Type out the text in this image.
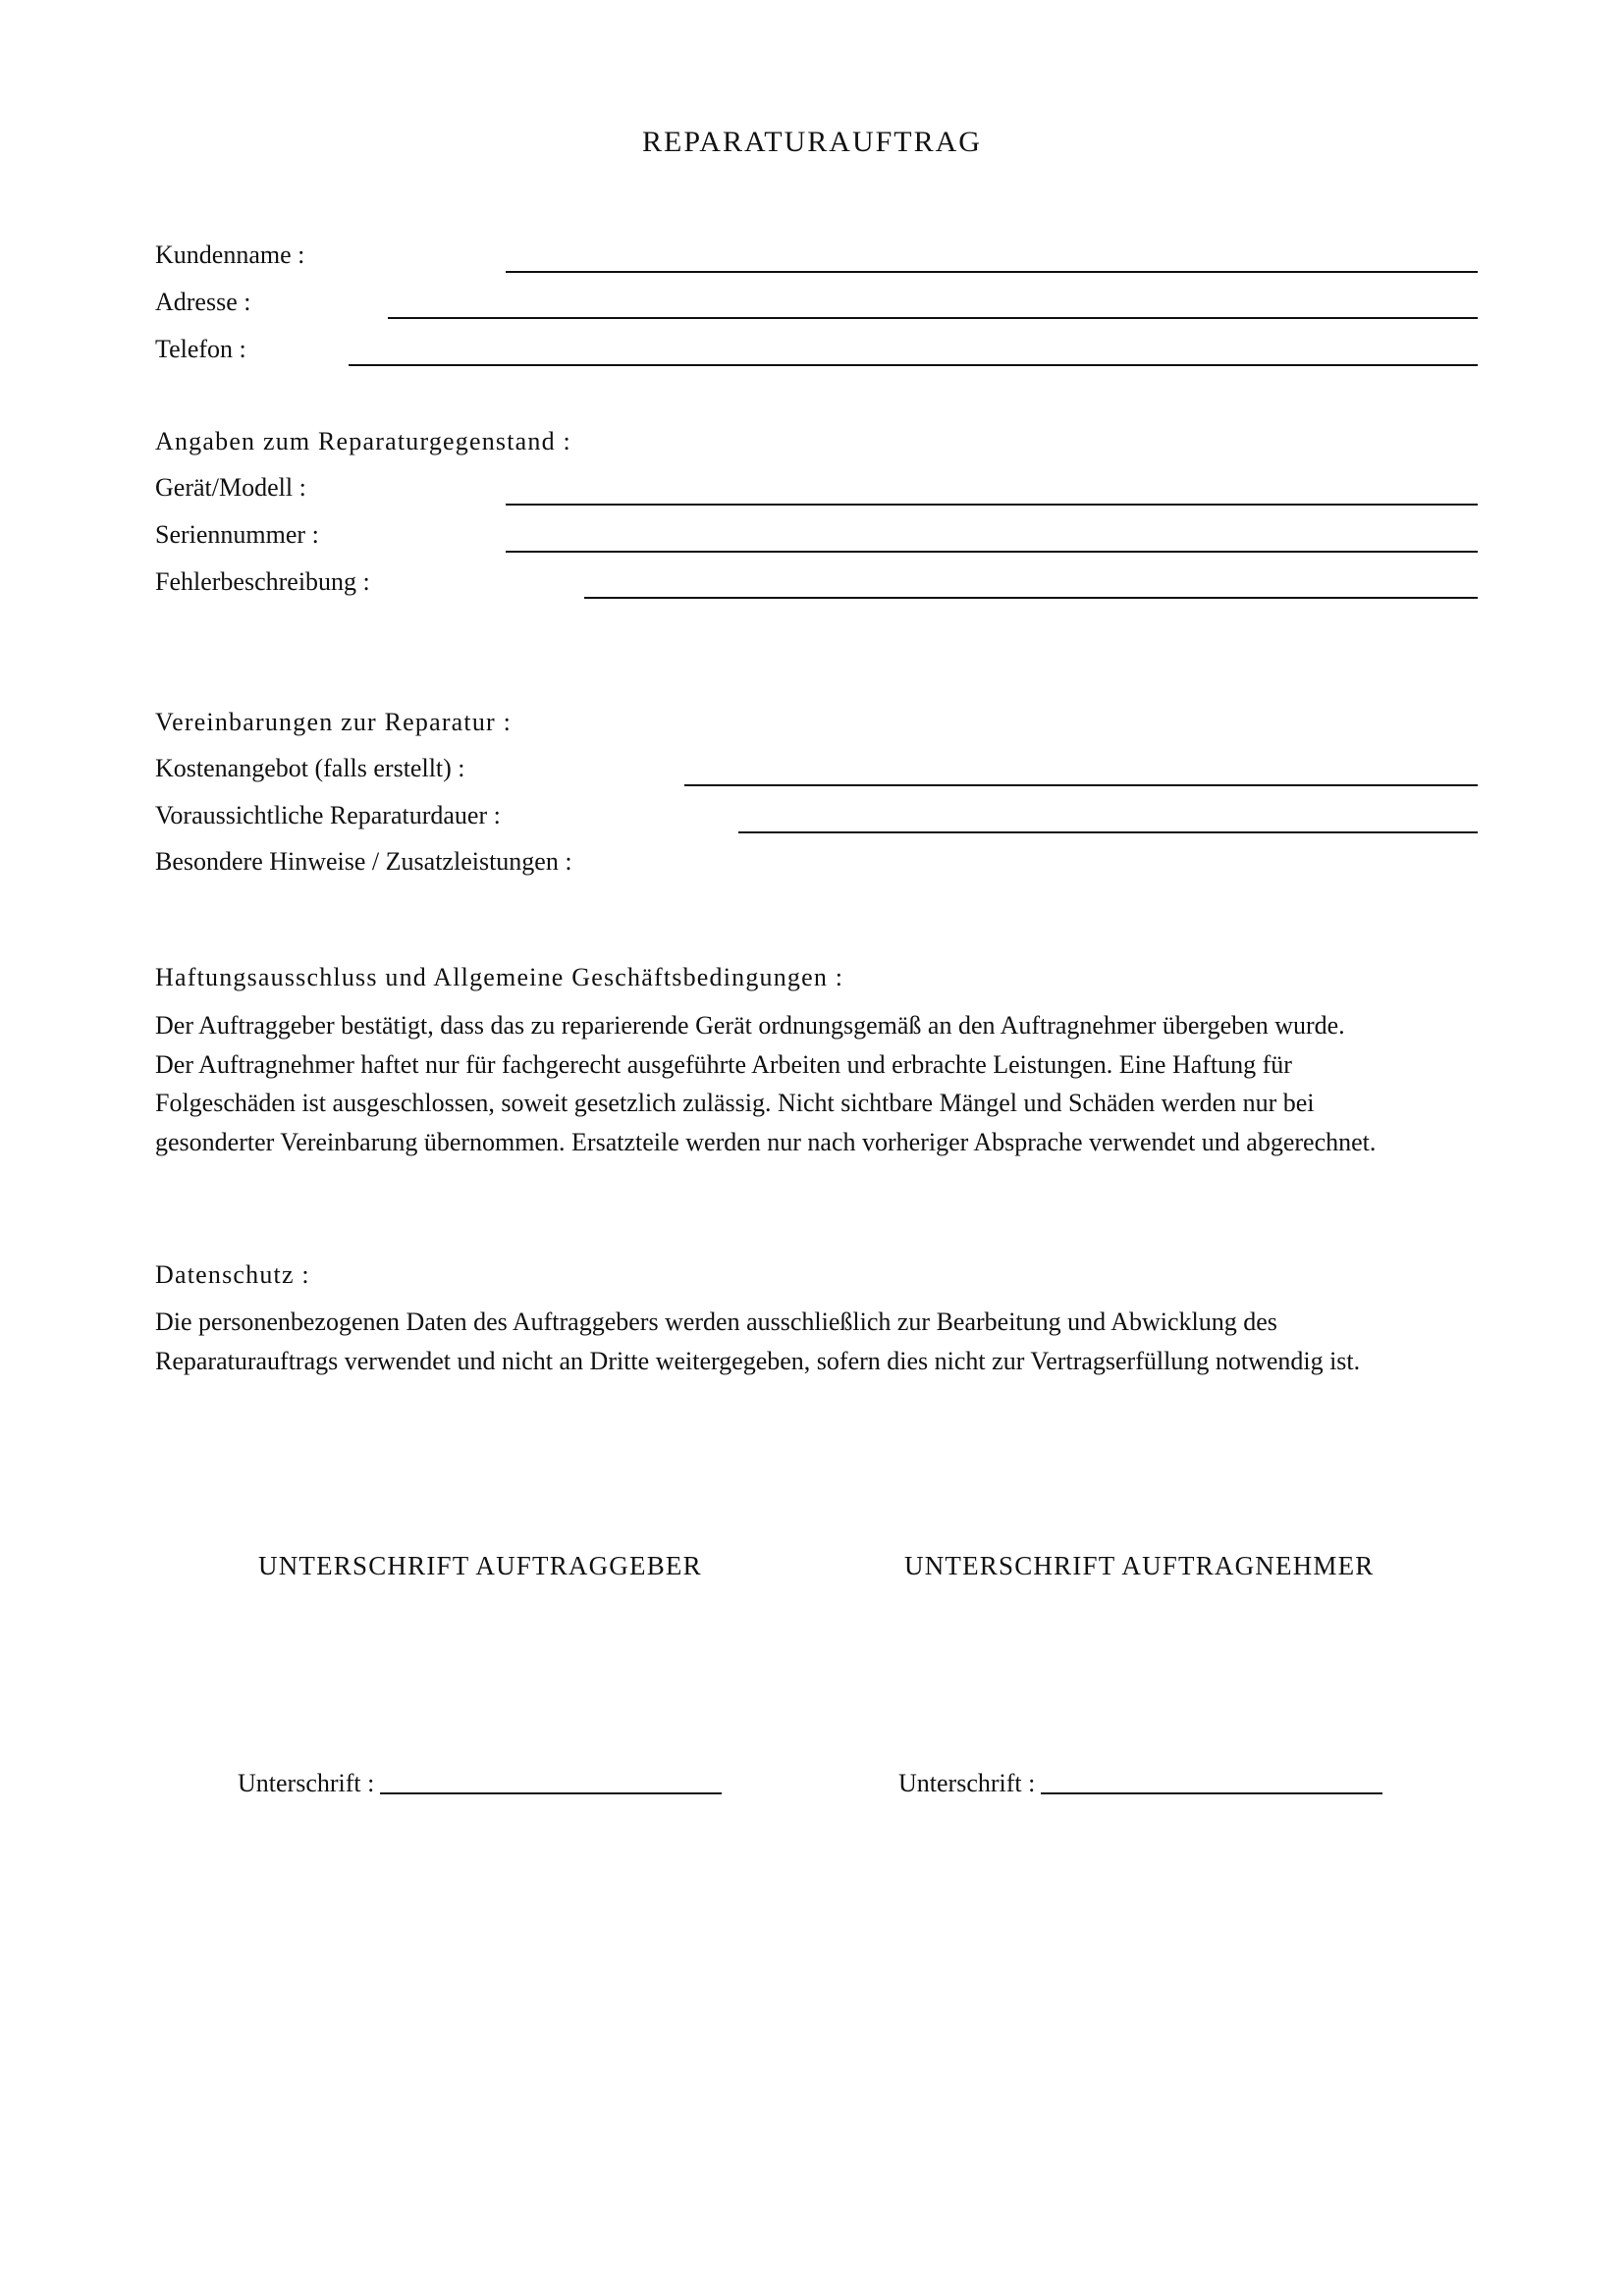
REPARATURAUFTRAG
Kundenname :
Adresse :
Telefon :
Angaben zum Reparaturgegenstand :
Gerät/Modell :
Seriennummer :
Fehlerbeschreibung :
Vereinbarungen zur Reparatur :
Kostenangebot (falls erstellt) :
Voraussichtliche Reparaturdauer :
Besondere Hinweise / Zusatzleistungen :
Haftungsausschluss und Allgemeine Geschäftsbedingungen :
Der Auftraggeber bestätigt, dass das zu reparierende Gerät ordnungsgemäß an den Auftragnehmer übergeben wurde.
Der Auftragnehmer haftet nur für fachgerecht ausgeführte Arbeiten und erbrachte Leistungen. Eine Haftung für
Folgeschäden ist ausgeschlossen, soweit gesetzlich zulässig. Nicht sichtbare Mängel und Schäden werden nur bei
gesonderter Vereinbarung übernommen. Ersatzteile werden nur nach vorheriger Absprache verwendet und abgerechnet.
Datenschutz :
Die personenbezogenen Daten des Auftraggebers werden ausschließlich zur Bearbeitung und Abwicklung des
Reparaturauftrags verwendet und nicht an Dritte weitergegeben, sofern dies nicht zur Vertragserfüllung notwendig ist.
UNTERSCHRIFT AUFTRAGGEBER	UNTERSCHRIFT AUFTRAGNEHMER
Unterschrift :	Unterschrift :
